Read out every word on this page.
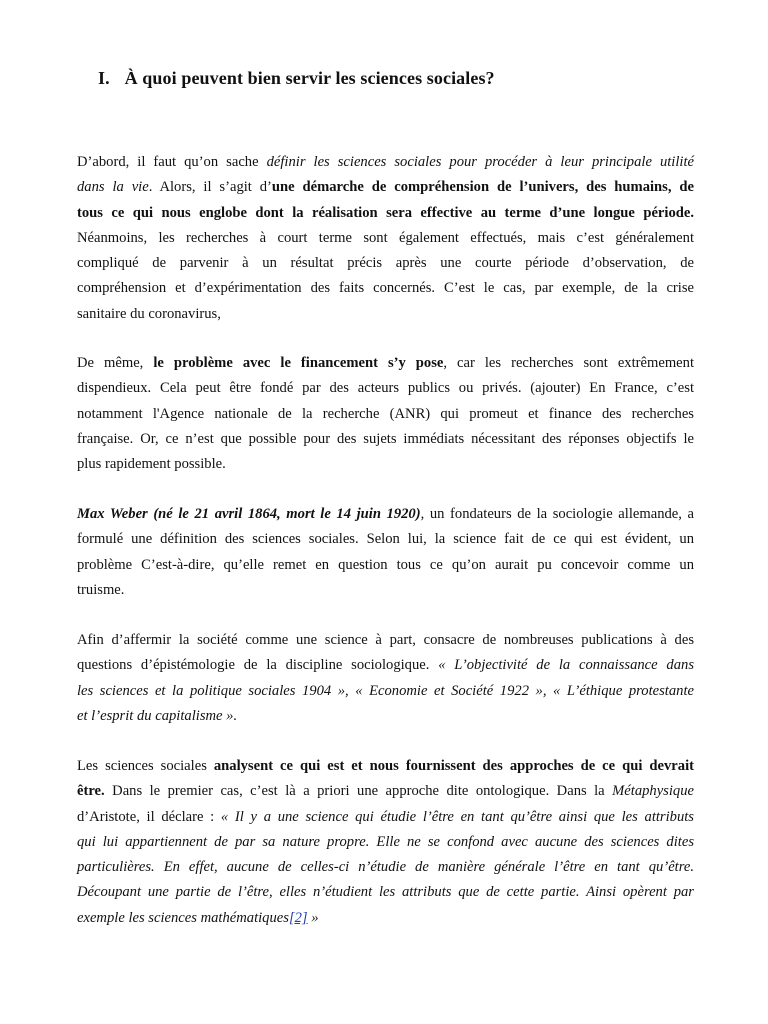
I. À quoi peuvent bien servir les sciences sociales?
D’abord, il faut qu’on sache définir les sciences sociales pour procéder à leur principale utilité
dans la vie. Alors, il s’agit d’une démarche de compréhension de l’univers, des humains, de
tous ce qui nous englobe dont la réalisation sera effective au terme d’une longue période.
Néanmoins, les recherches à court terme sont également effectués, mais c’est généralement
compliqué de parvenir à un résultat précis après une courte période d’observation, de
compréhension et d’expérimentation des faits concernés. C’est le cas, par exemple, de la crise
sanitaire du coronavirus,
De même, le problème avec le financement s’y pose, car les recherches sont extrêmement
dispendieux. Cela peut être fondé par des acteurs publics ou privés. (ajouter) En France, c’est
notamment l'Agence nationale de la recherche (ANR) qui promeut et finance des recherches
française. Or, ce n’est que possible pour des sujets immédiats nécessitant des réponses objectifs le
plus rapidement possible.
Max Weber (né le 21 avril 1864, mort le 14 juin 1920), un fondateurs de la sociologie allemande, a
formulé une définition des sciences sociales. Selon lui, la science fait de ce qui est évident, un
problème C’est-à-dire, qu’elle remet en question tous ce qu’on aurait pu concevoir comme un
truisme.
Afin d’affermir la société comme une science à part, consacre de nombreuses publications à des
questions d’épistémologie de la discipline sociologique. « L’objectivité de la connaissance dans
les sciences et la politique sociales 1904 », « Economie et Société 1922 », « L’éthique protestante
et l’esprit du capitalisme ».
Les sciences sociales analysent ce qui est et nous fournissent des approches de ce qui devrait
être. Dans le premier cas, c’est là a priori une approche dite ontologique. Dans la Métaphysique
d’Aristote, il déclare : « Il y a une science qui étudie l’être en tant qu’être ainsi que les attributs
qui lui appartiennent de par sa nature propre. Elle ne se confond avec aucune des sciences dites
particulières. En effet, aucune de celles-ci n’étudie de manière générale l’être en tant qu’être.
Découpant une partie de l’être, elles n’étudient les attributs que de cette partie. Ainsi opèrent par
exemple les sciences mathématiques[2] »
